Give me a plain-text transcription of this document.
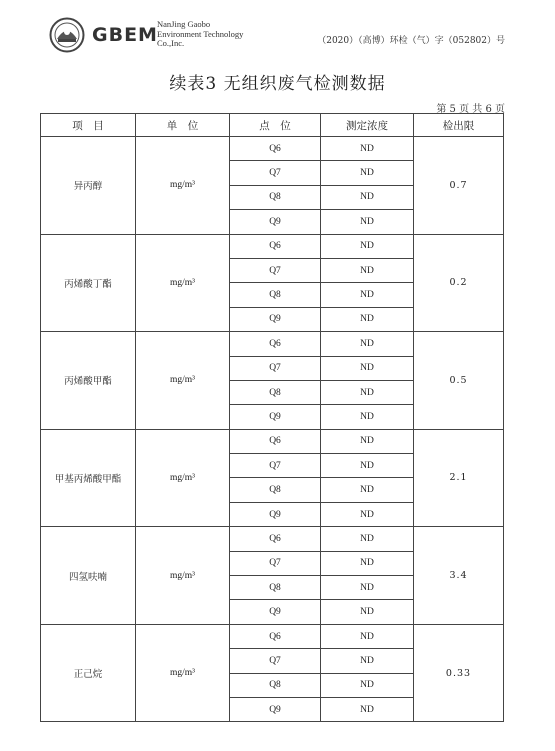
GBEM NanJing Gaobo
Environment Technology
Co.,Inc.	（2020）（高博）环检（气）字（052802）号
续表3 无组织废气检测数据
第 5 页 共 6 页
项　目	单　位	点　位	测定浓度	检出限
异丙醇	mg/m³	Q6	ND	0.7
		Q7	ND	
		Q8	ND	
		Q9	ND	
丙烯酸丁酯	mg/m³	Q6	ND	0.2
		Q7	ND	
		Q8	ND	
		Q9	ND	
丙烯酸甲酯	mg/m³	Q6	ND	0.5
		Q7	ND	
		Q8	ND	
		Q9	ND	
甲基丙烯酸甲酯	mg/m³	Q6	ND	2.1
		Q7	ND	
		Q8	ND	
		Q9	ND	
四氢呋喃	mg/m³	Q6	ND	3.4
		Q7	ND	
		Q8	ND	
		Q9	ND	
正己烷	mg/m³	Q6	ND	0.33
		Q7	ND	
		Q8	ND	
		Q9	ND	
